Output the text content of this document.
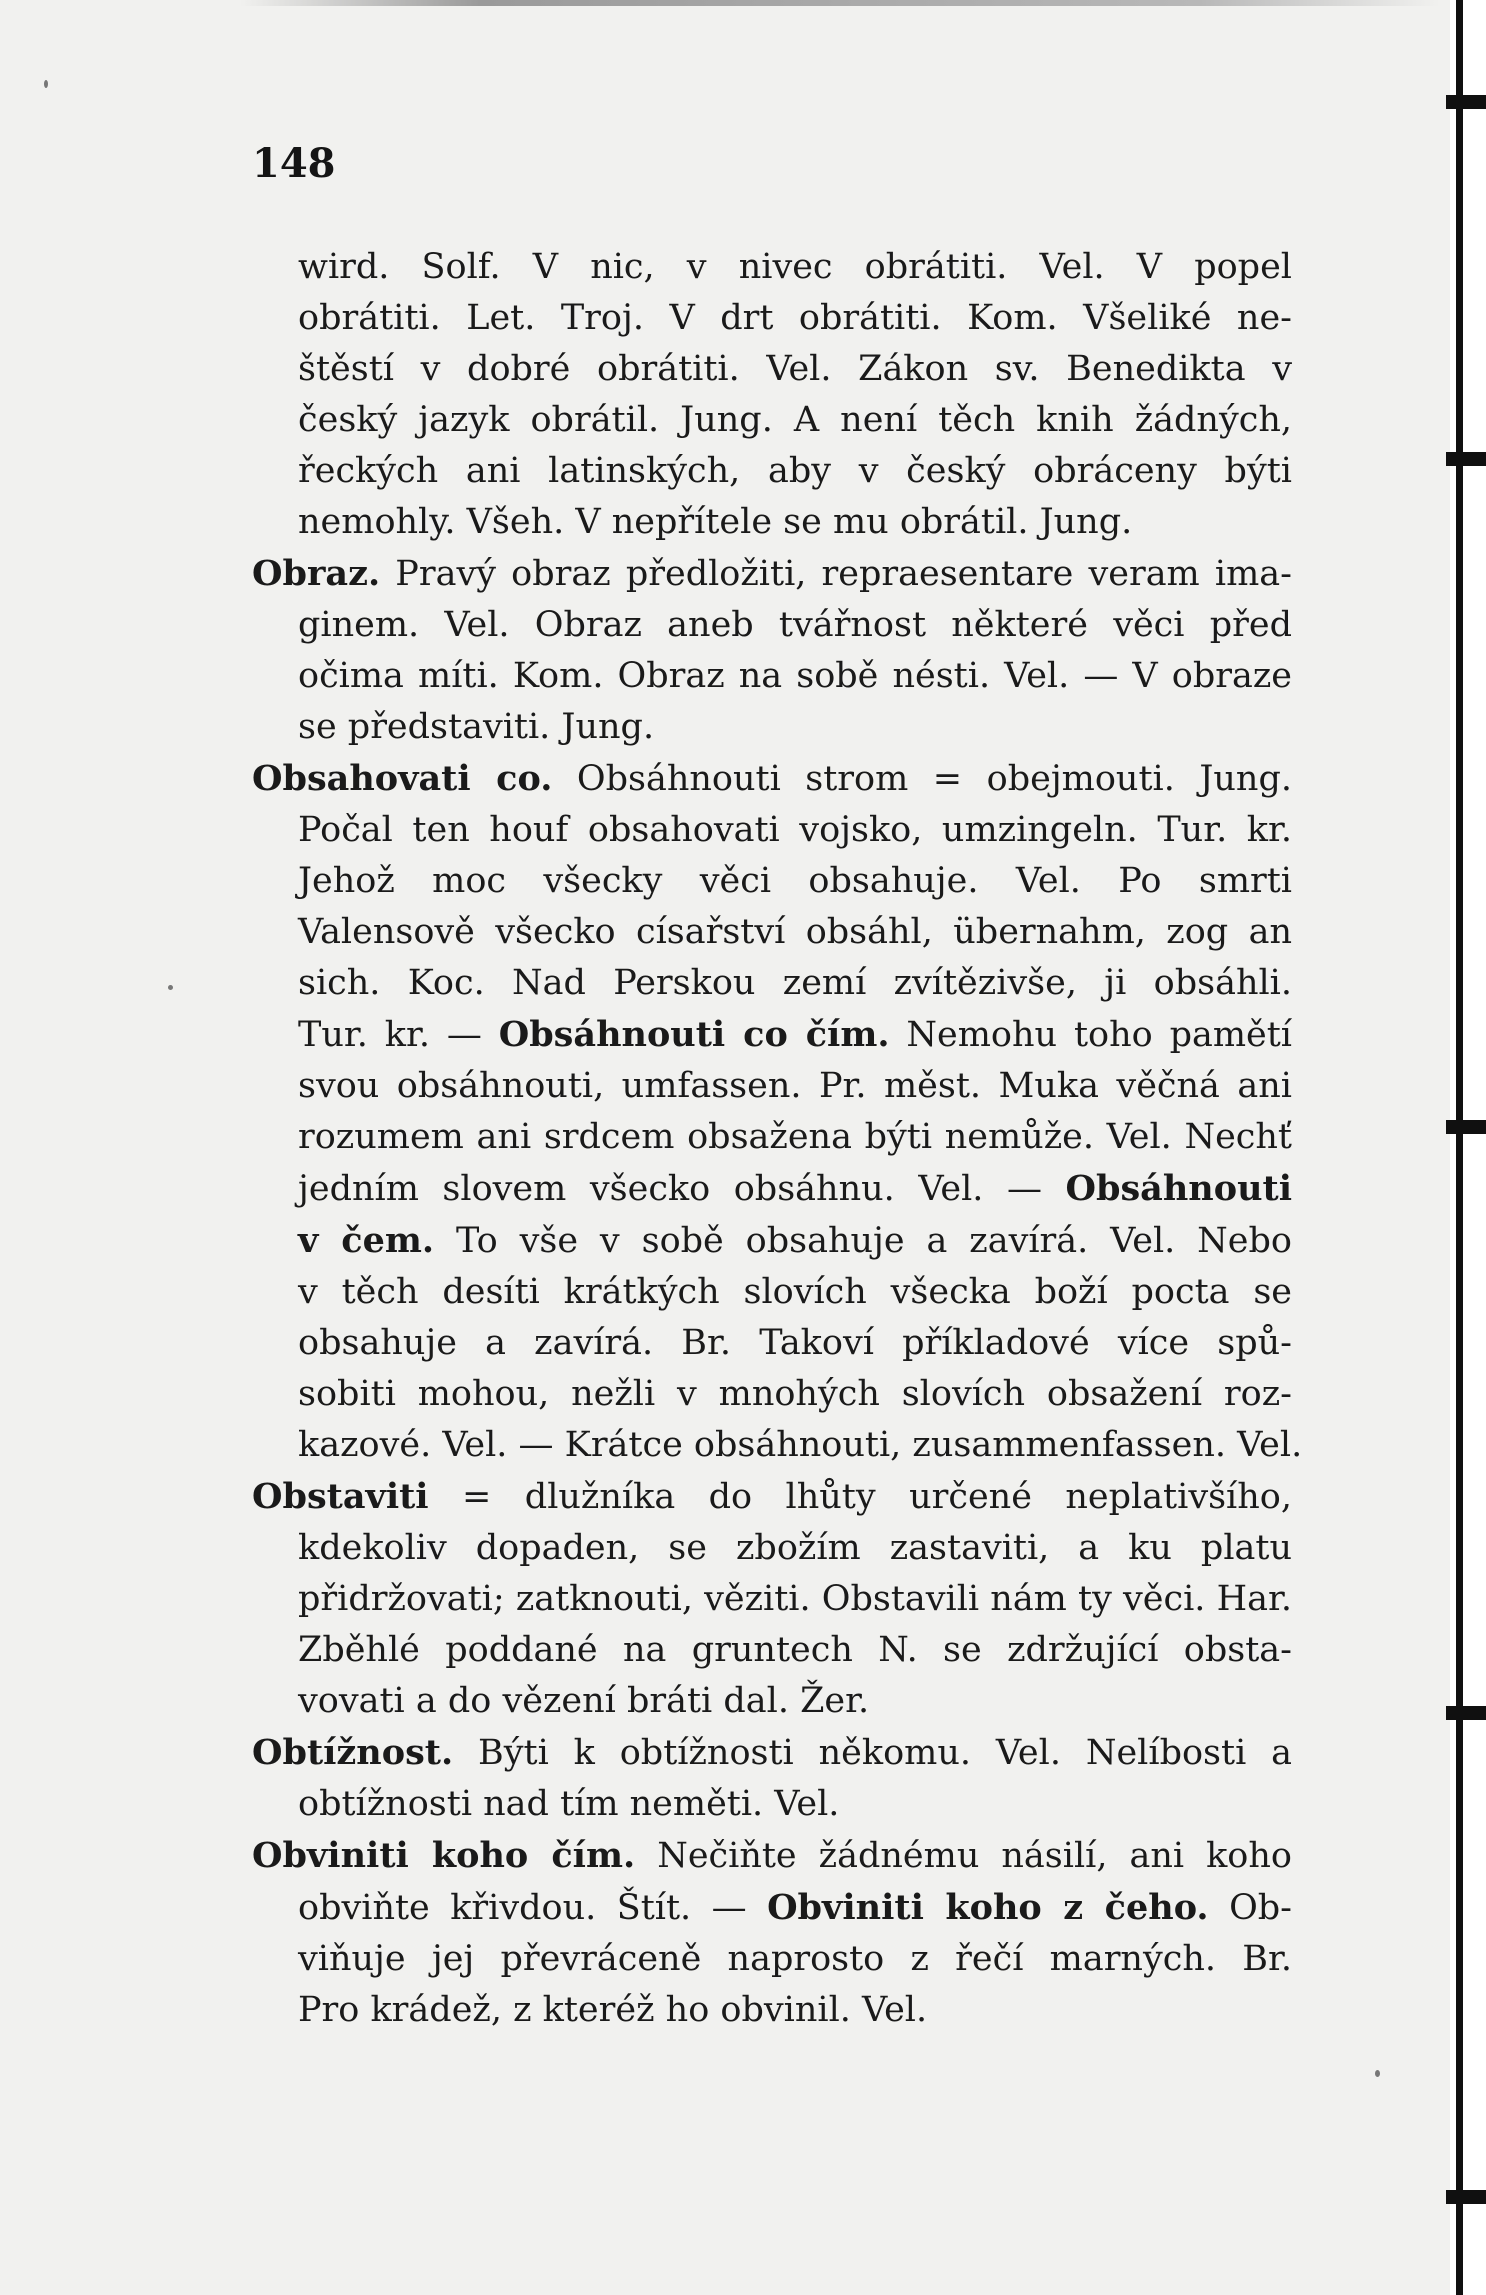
148

wird. Solf. V nic, v nivec obrátiti. Vel. V popel
obrátiti. Let. Troj. V drt obrátiti. Kom. Všeliké ne-
štěstí v dobré obrátiti. Vel. Zákon sv. Benedikta v
český jazyk obrátil. Jung. A není těch knih žádných,
řeckých ani latinských, aby v český obráceny býti
nemohly. Všeh. V nepřítele se mu obrátil. Jung.
Obraz. Pravý obraz předložiti, repraesentare veram ima-
ginem. Vel. Obraz aneb tvářnost některé věci před
očima míti. Kom. Obraz na sobě nésti. Vel. — V obraze
se představiti. Jung.
Obsahovati co. Obsáhnouti strom = obejmouti. Jung.
Počal ten houf obsahovati vojsko, umzingeln. Tur. kr.
Jehož moc všecky věci obsahuje. Vel. Po smrti
Valensově všecko císařství obsáhl, übernahm, zog an
sich. Koc. Nad Perskou zemí zvítězivše, ji obsáhli.
Tur. kr. — Obsáhnouti co čím. Nemohu toho pamětí
svou obsáhnouti, umfassen. Pr. měst. Muka věčná ani
rozumem ani srdcem obsažena býti nemůže. Vel. Nechť
jedním slovem všecko obsáhnu. Vel. — Obsáhnouti
v čem. To vše v sobě obsahuje a zavírá. Vel. Nebo
v těch desíti krátkých slovích všecka boží pocta se
obsahuje a zavírá. Br. Takoví příkladové více spů-
sobiti mohou, nežli v mnohých slovích obsažení roz-
kazové. Vel. — Krátce obsáhnouti, zusammenfassen. Vel.
Obstaviti = dlužníka do lhůty určené neplativšího,
kdekoliv dopaden, se zbožím zastaviti, a ku platu
přidržovati; zatknouti, věziti. Obstavili nám ty věci. Har.
Zběhlé poddané na gruntech N. se zdržující obsta-
vovati a do vězení bráti dal. Žer.
Obtížnost. Býti k obtížnosti někomu. Vel. Nelíbosti a
obtížnosti nad tím neměti. Vel.
Obviniti koho čím. Nečiňte žádnému násilí, ani koho
obviňte křivdou. Štít. — Obviniti koho z čeho. Ob-
viňuje jej převráceně naprosto z řečí marných. Br.
Pro krádež, z kteréž ho obvinil. Vel.
